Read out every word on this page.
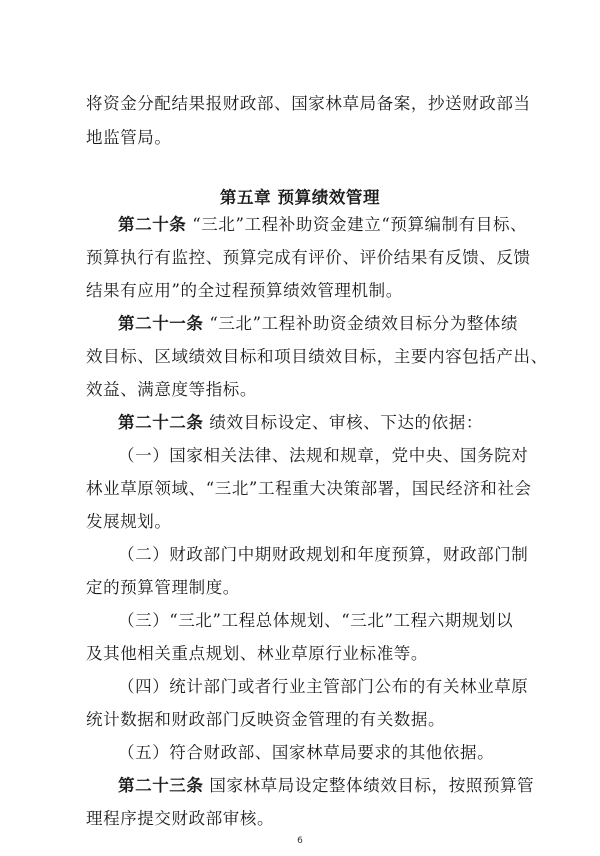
将资金分配结果报财政部、国家林草局备案，抄送财政部当
地监管局。
第五章 预算绩效管理
第二十条 “三北”工程补助资金建立“预算编制有目标、
预算执行有监控、预算完成有评价、评价结果有反馈、反馈
结果有应用”的全过程预算绩效管理机制。
第二十一条 “三北”工程补助资金绩效目标分为整体绩
效目标、区域绩效目标和项目绩效目标，主要内容包括产出、
效益、满意度等指标。
第二十二条 绩效目标设定、审核、下达的依据：
（一）国家相关法律、法规和规章，党中央、国务院对
林业草原领域、“三北”工程重大决策部署，国民经济和社会
发展规划。
（二）财政部门中期财政规划和年度预算，财政部门制
定的预算管理制度。
（三）“三北”工程总体规划、“三北”工程六期规划以
及其他相关重点规划、林业草原行业标准等。
（四）统计部门或者行业主管部门公布的有关林业草原
统计数据和财政部门反映资金管理的有关数据。
（五）符合财政部、国家林草局要求的其他依据。
第二十三条 国家林草局设定整体绩效目标，按照预算管
理程序提交财政部审核。
6
